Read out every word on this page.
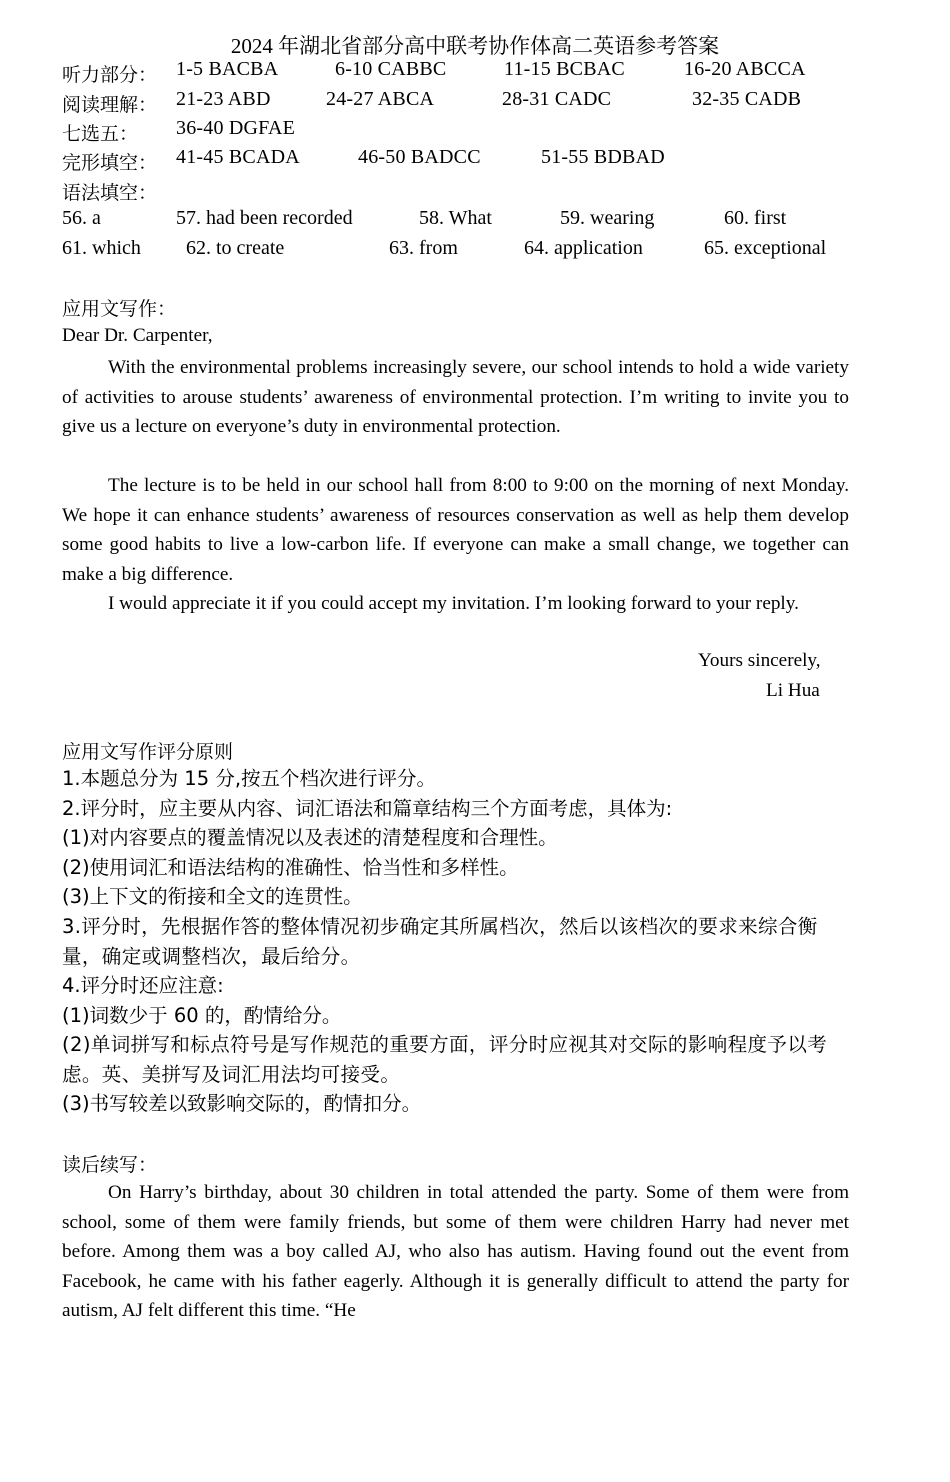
2024 年湖北省部分高中联考协作体高二英语参考答案
听力部分： 1-5 BACBA	6-10 CABBC	11-15 BCBAC	16-20 ABCCA
阅读理解： 21-23 ABD	24-27 ABCA	28-31 CADC	32-35 CADB
七选五： 36-40 DGFAE
完形填空： 41-45 BCADA	46-50 BADCC	51-55 BDBAD
语法填空：
56. a	57. had been recorded	58. What	59. wearing	60. first
61. which 62. to create	63. from	64. application	65. exceptional
应用文写作：
Dear Dr. Carpenter,

With the environmental problems increasingly severe, our school intends to hold a wide variety of activities to arouse students’ awareness of environmental protection. I’m writing to invite you to give us a lecture on everyone’s duty in environmental protection.

The lecture is to be held in our school hall from 8:00 to 9:00 on the morning of next Monday. We hope it can enhance students’ awareness of resources conservation as well as help them develop some good habits to live a low-carbon life. If everyone can make a small change, we together can make a big difference.

I would appreciate it if you could accept my invitation. I’m looking forward to your reply.

Yours sincerely,
Li Hua
应用文写作评分原则
1.本题总分为 15 分,按五个档次进行评分。
2.评分时，应主要从内容、词汇语法和篇章结构三个方面考虑，具体为:
(1)对内容要点的覆盖情况以及表述的清楚程度和合理性。
(2)使用词汇和语法结构的准确性、恰当性和多样性。
(3)上下文的衔接和全文的连贯性。

3.评分时，先根据作答的整体情况初步确定其所属档次，然后以该档次的要求来综合衡量，确定或调整档次，最后给分。

4.评分时还应注意:
(1)词数少于 60 的，酌情给分。

(2)单词拼写和标点符号是写作规范的重要方面，评分时应视其对交际的影响程度予以考虑。英、美拼写及词汇用法均可接受。

(3)书写较差以致影响交际的，酌情扣分。
读后续写：

On Harry’s birthday, about 30 children in total attended the party. Some of them were from school, some of them were family friends, but some of them were children Harry had never met before. Among them was a boy called AJ, who also has autism. Having found out the event from Facebook, he came with his father eagerly. Although it is generally difficult to attend the party for autism, AJ felt different this time. “He
